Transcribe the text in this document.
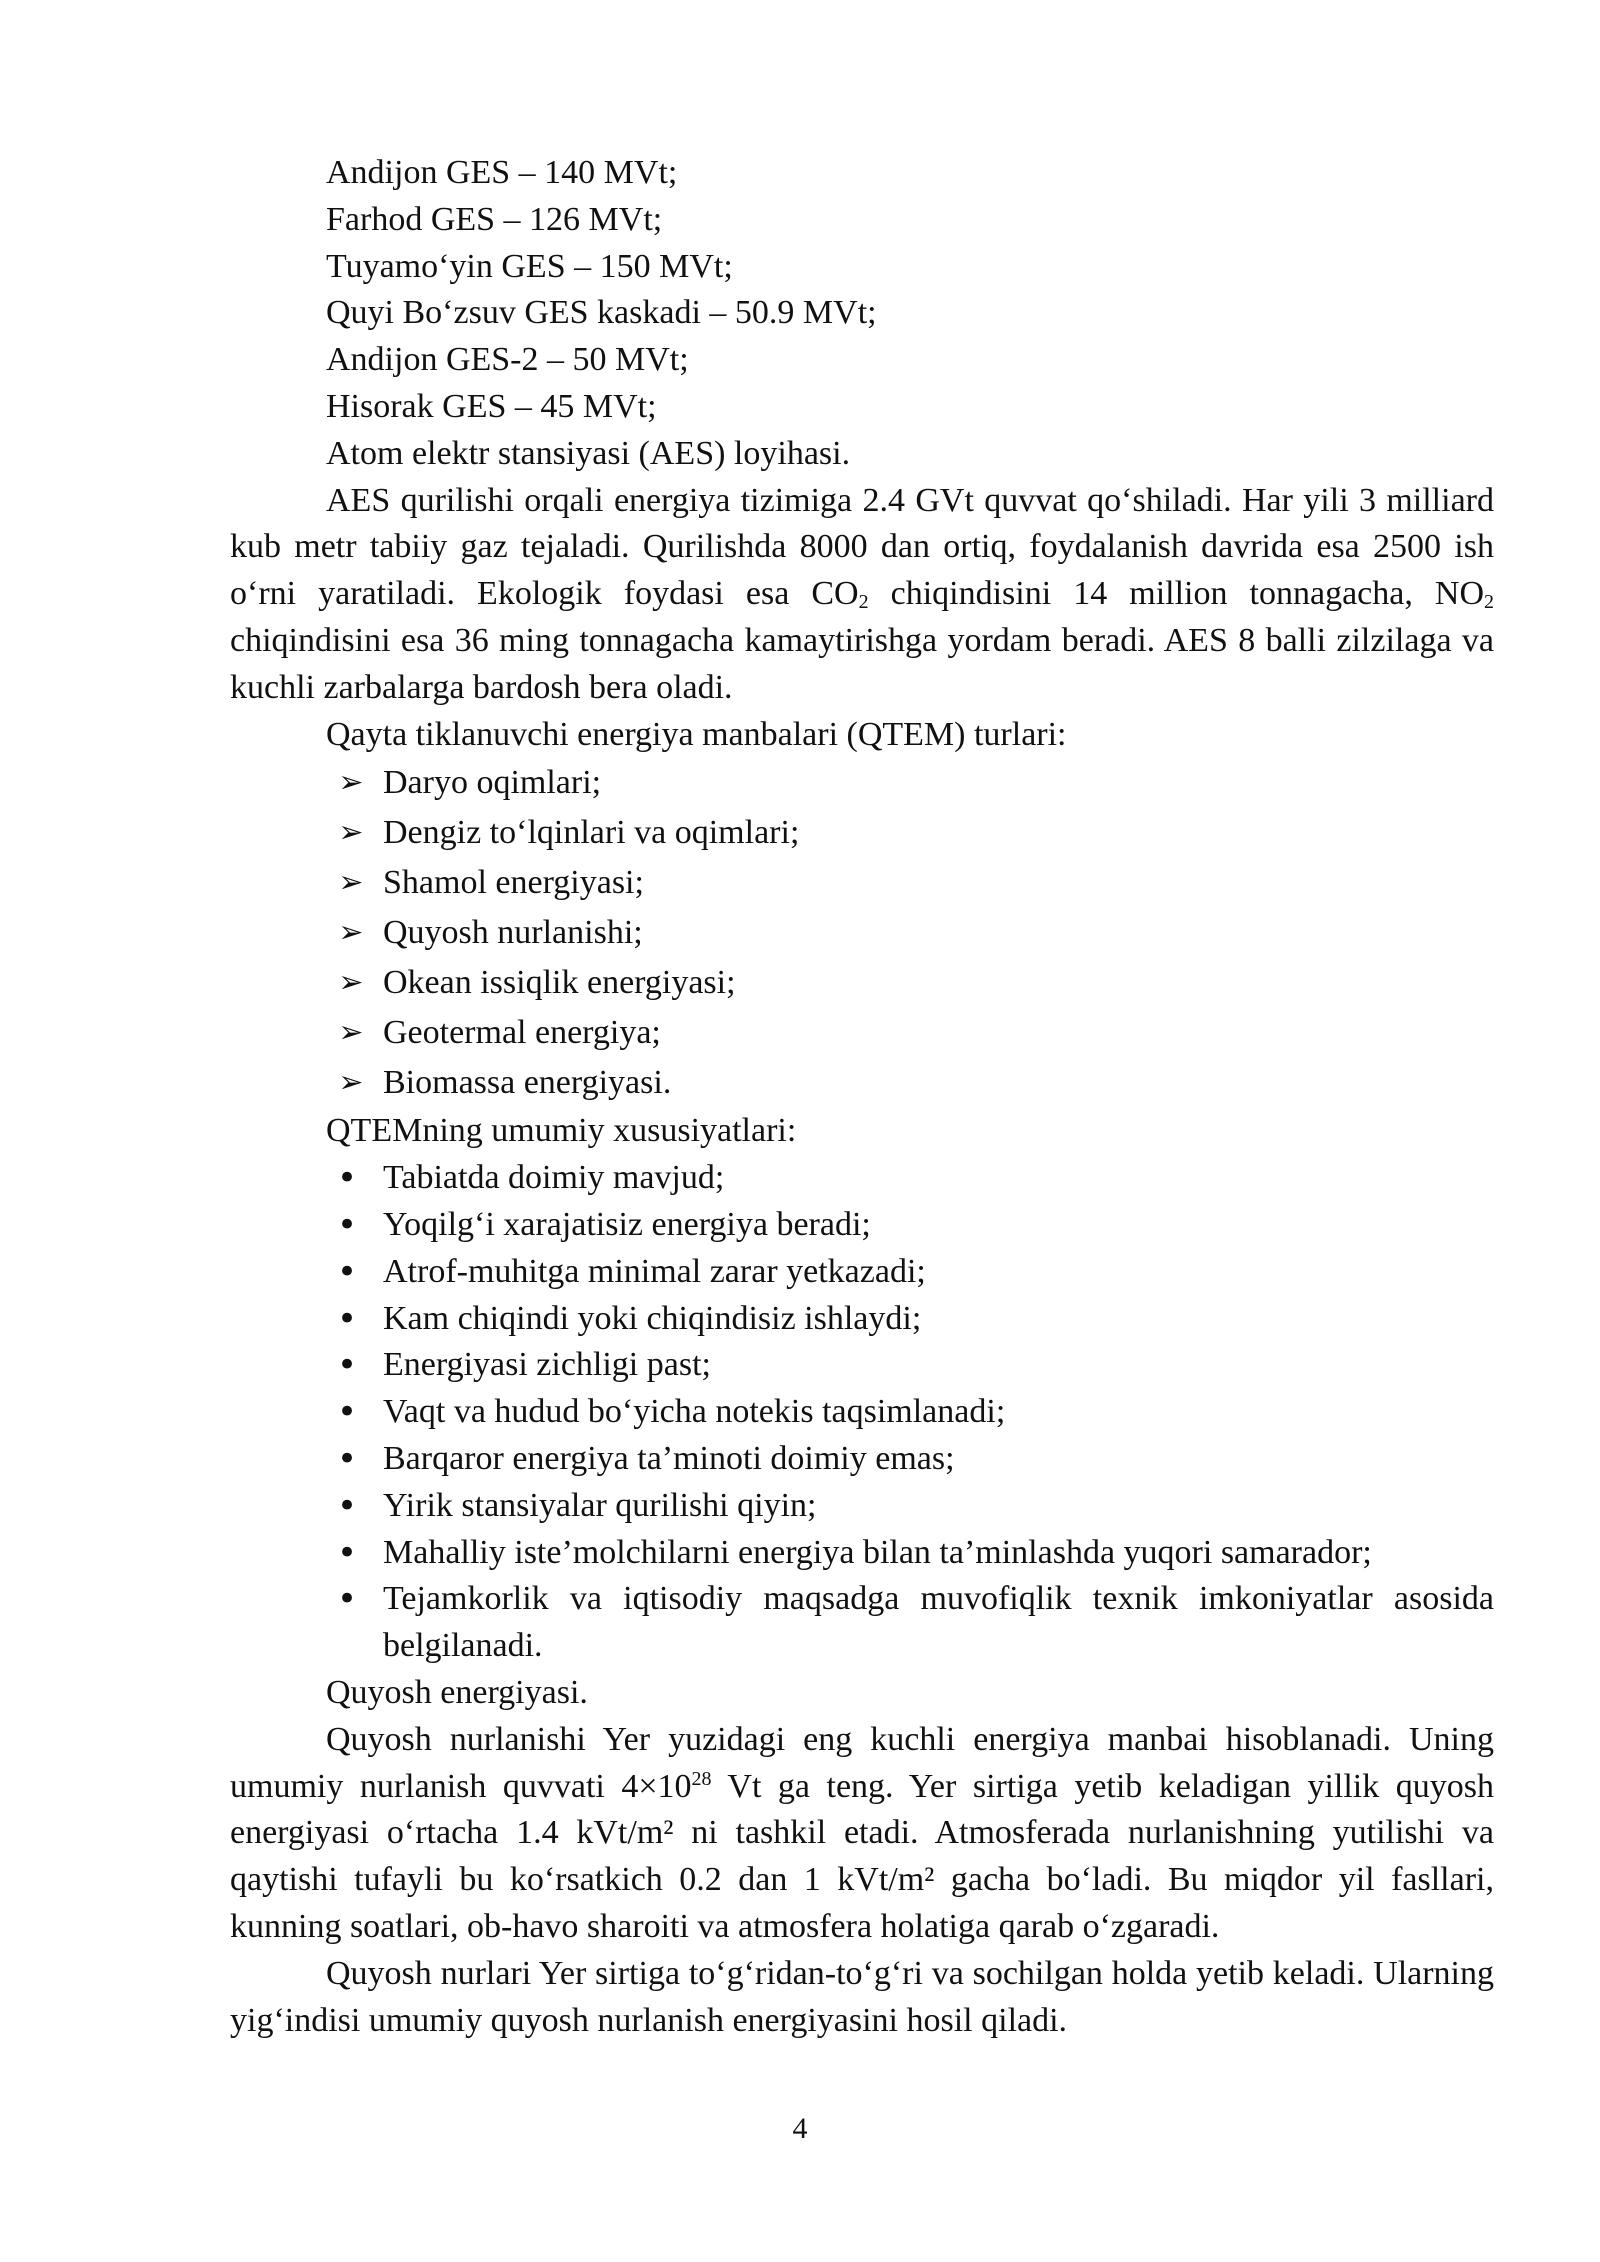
Andijon GES – 140 MVt;

Farhod GES – 126 MVt;

Tuyamo‘yin GES – 150 MVt;

Quyi Bo‘zsuv GES kaskadi – 50.9 MVt;

Andijon GES-2 – 50 MVt;

Hisorak GES – 45 MVt;

Atom elektr stansiyasi (AES) loyihasi.

AES qurilishi orqali energiya tizimiga 2.4 GVt quvvat qo‘shiladi. Har yili 3 milliard kub metr tabiiy gaz tejaladi. Qurilishda 8000 dan ortiq, foydalanish davrida esa 2500 ish o‘rni yaratiladi. Ekologik foydasi esa $CO_2$ chiqindisini 14 million tonnagacha, $NO_2$ chiqindisini esa 36 ming tonnagacha kamaytirishga yordam beradi. AES 8 balli zilzilaga va kuchli zarbalarga bardosh bera oladi.

Qayta tiklanuvchi energiya manbalari (QTEM) turlari:

➢ Daryo oqimlari;
➢ Dengiz to‘lqinlari va oqimlari;
➢ Shamol energiyasi;
➢ Quyosh nurlanishi;
➢ Okean issiqlik energiyasi;
➢ Geotermal energiya;
➢ Biomassa energiyasi.

QTEMning umumiy xususiyatlari:

• Tabiatda doimiy mavjud;
• Yoqilg‘i xarajatisiz energiya beradi;
• Atrof-muhitga minimal zarar yetkazadi;
• Kam chiqindi yoki chiqindisiz ishlaydi;
• Energiyasi zichligi past;
• Vaqt va hudud bo‘yicha notekis taqsimlanadi;
• Barqaror energiya ta’minoti doimiy emas;
• Yirik stansiyalar qurilishi qiyin;
• Mahalliy iste’molchilarni energiya bilan ta’minlashda yuqori samarador;
• Tejamkorlik va iqtisodiy maqsadga muvofiqlik texnik imkoniyatlar asosida belgilanadi.

Quyosh energiyasi.

Quyosh nurlanishi Yer yuzidagi eng kuchli energiya manbai hisoblanadi. Uning umumiy nurlanish quvvati $4\times 10^{28}$ Vt ga teng. Yer sirtiga yetib keladigan yillik quyosh energiyasi o‘rtacha 1.4 kVt/m² ni tashkil etadi. Atmosferada nurlanishning yutilishi va qaytishi tufayli bu ko‘rsatkich 0.2 dan 1 kVt/m² gacha bo‘ladi. Bu miqdor yil fasllari, kunning soatlari, ob-havo sharoiti va atmosfera holatiga qarab o‘zgaradi.

Quyosh nurlari Yer sirtiga to‘g‘ridan-to‘g‘ri va sochilgan holda yetib keladi. Ularning yig‘indisi umumiy quyosh nurlanish energiyasini hosil qiladi.

4
